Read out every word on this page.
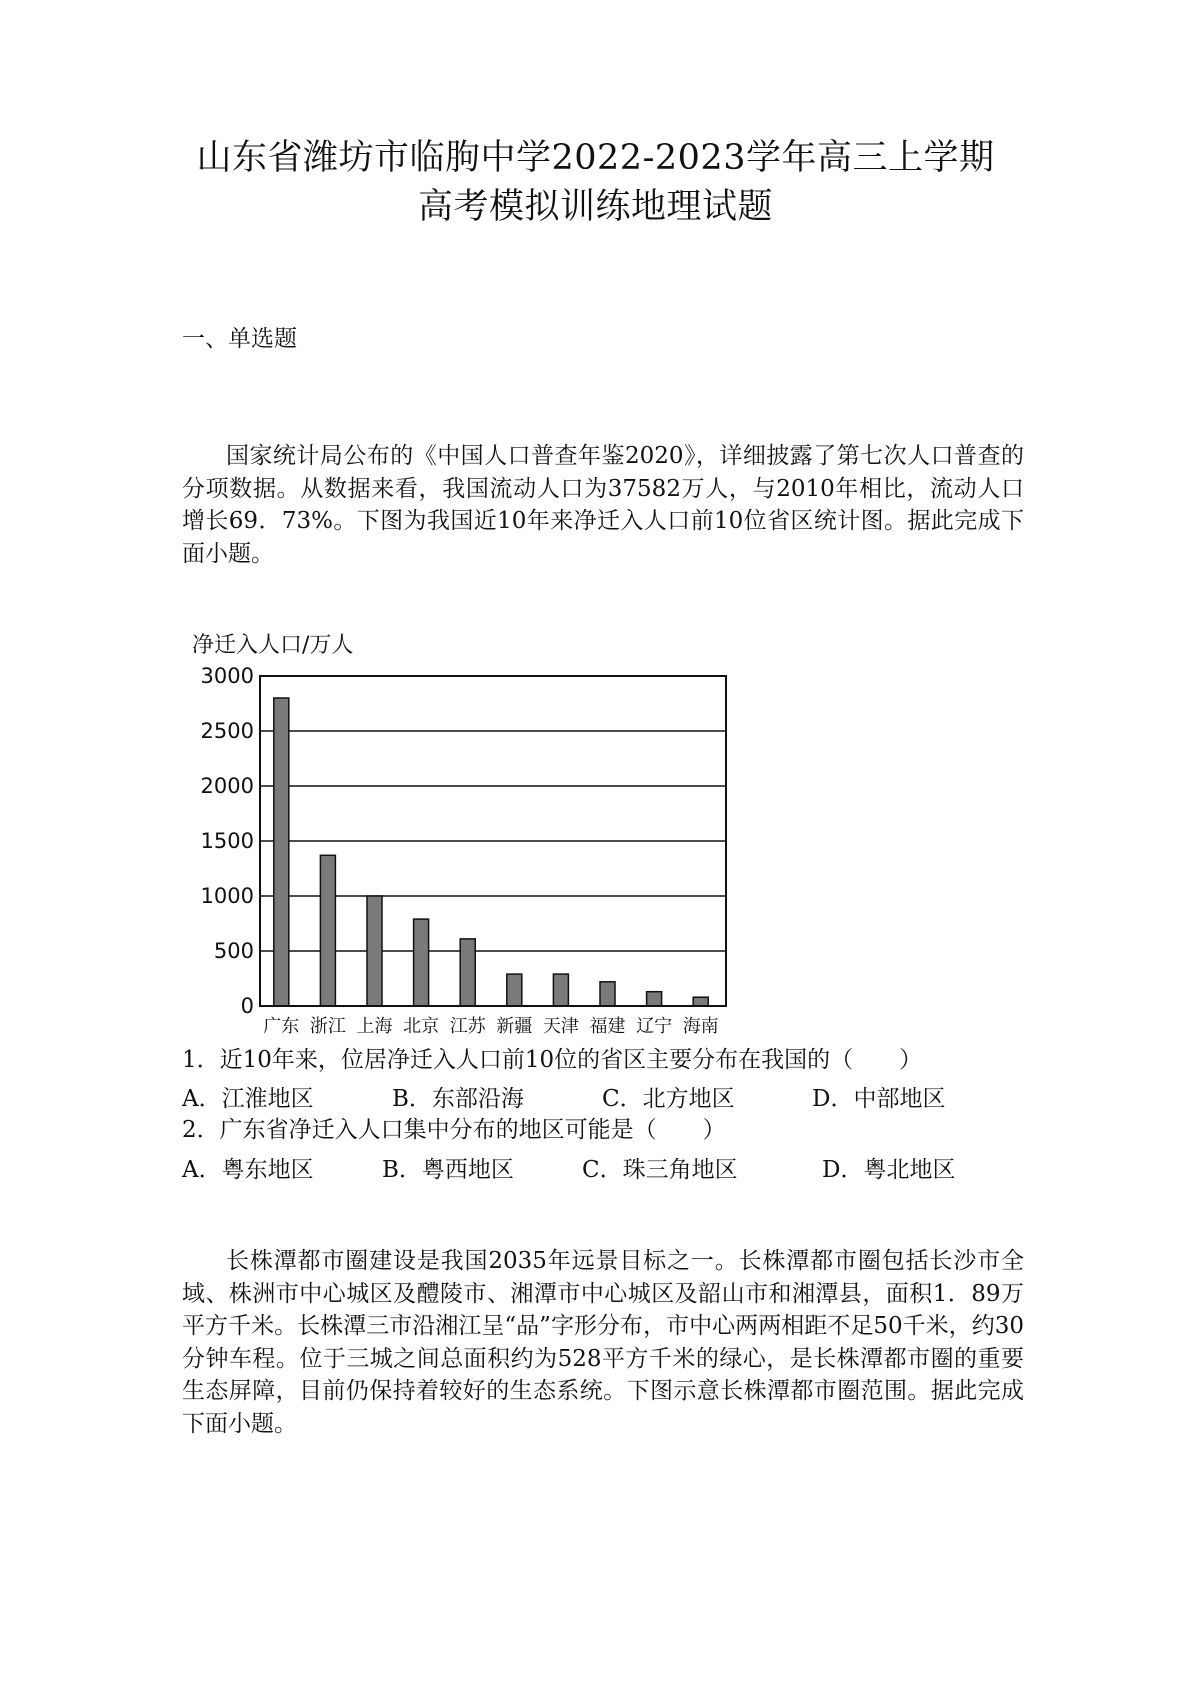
山东省潍坊市临朐中学2022-2023学年高三上学期
高考模拟训练地理试题
一、单选题

国家统计局公布的《中国人口普查年鉴2020》，详细披露了第七次人口普查的分项数据。从数据来看，我国流动人口为37582万人，与2010年相比，流动人口增长69．73%。下图为我国近10年来净迁入人口前10位省区统计图。据此完成下面小题。

净迁入人口/万人
0
500
1000
1500
2000
2500
3000
广东 浙江 上海 北京 江苏 新疆 天津 福建 辽宁 海南
1．近10年来，位居净迁入人口前10位的省区主要分布在我国的（　　）
A．江淮地区	B．东部沿海	C．北方地区	D．中部地区
2．广东省净迁入人口集中分布的地区可能是（　　）
A．粤东地区	B．粤西地区	C．珠三角地区	D．粤北地区

长株潭都市圈建设是我国2035年远景目标之一。长株潭都市圈包括长沙市全域、株洲市中心城区及醴陵市、湘潭市中心城区及韶山市和湘潭县，面积1．89万平方千米。长株潭三市沿湘江呈“品”字形分布，市中心两两相距不足50千米，约30分钟车程。位于三城之间总面积约为528平方千米的绿心，是长株潭都市圈的重要生态屏障，目前仍保持着较好的生态系统。下图示意长株潭都市圈范围。据此完成下面小题。
